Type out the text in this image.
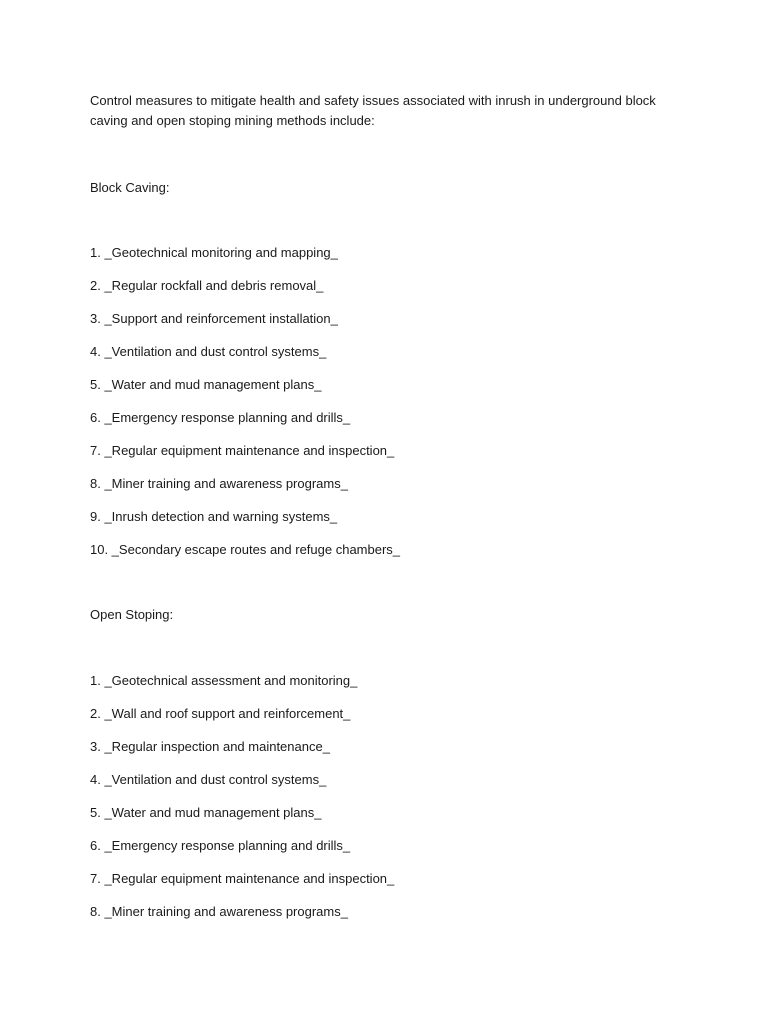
Control measures to mitigate health and safety issues associated with inrush in underground block caving and open stoping mining methods include:

Block Caving:

1. _Geotechnical monitoring and mapping_
2. _Regular rockfall and debris removal_
3. _Support and reinforcement installation_
4. _Ventilation and dust control systems_
5. _Water and mud management plans_
6. _Emergency response planning and drills_
7. _Regular equipment maintenance and inspection_
8. _Miner training and awareness programs_
9. _Inrush detection and warning systems_
10. _Secondary escape routes and refuge chambers_

Open Stoping:

1. _Geotechnical assessment and monitoring_
2. _Wall and roof support and reinforcement_
3. _Regular inspection and maintenance_
4. _Ventilation and dust control systems_
5. _Water and mud management plans_
6. _Emergency response planning and drills_
7. _Regular equipment maintenance and inspection_
8. _Miner training and awareness programs_
